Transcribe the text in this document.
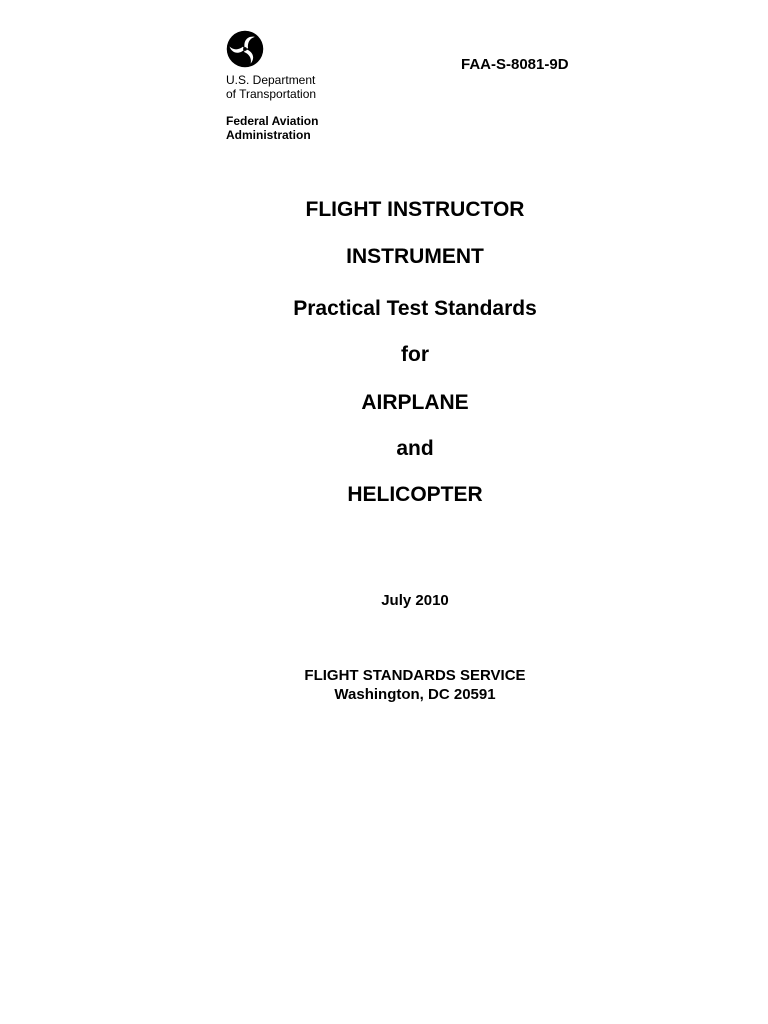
U.S. Department
of Transportation
Federal Aviation
Administration
FAA-S-8081-9D
FLIGHT INSTRUCTOR
INSTRUMENT
Practical Test Standards
for
AIRPLANE
and
HELICOPTER
July 2010
FLIGHT STANDARDS SERVICE
Washington, DC 20591
